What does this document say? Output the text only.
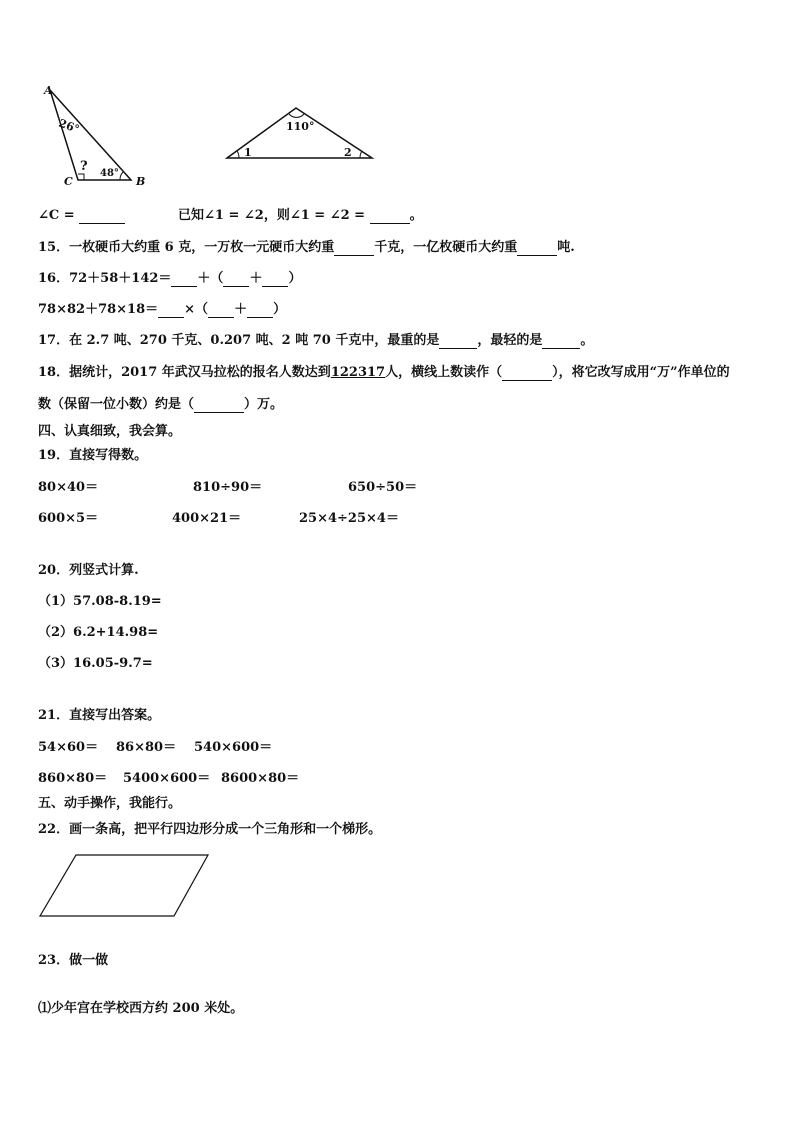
A
26°
? 48°
C	B
110°
1	2
∠C =	已知∠1 = ∠2，则∠1 = ∠2 =	。
15．一枚硬币大约重 6 克，一万枚一元硬币大约重	千克，一亿枚硬币大约重	吨.
16．72＋58＋142＝ ＋（ ＋ ）
78×82＋78×18＝ ×（ ＋ ）
17．在 2.7 吨、270 千克、0.207 吨、2 吨 70 千克中，最重的是	，最轻的是	。
18．据统计，2017 年武汉马拉松的报名人数达到122317人，横线上数读作（	），将它改写成用“万”作单位的
数（保留一位小数）约是（	）万。
四、认真细致，我会算。
19．直接写得数。
80×40＝	810÷90＝	650÷50＝
600×5＝	400×21＝	25×4÷25×4＝
20．列竖式计算.
（1）57.08-8.19=
（2）6.2+14.98=
（3）16.05-9.7=
21．直接写出答案。
54×60＝ 86×80＝ 540×600＝
860×80＝ 5400×600＝ 8600×80＝
五、动手操作，我能行。
22．画一条高，把平行四边形分成一个三角形和一个梯形。
23．做一做
⑴少年宫在学校西方约 200 米处。
